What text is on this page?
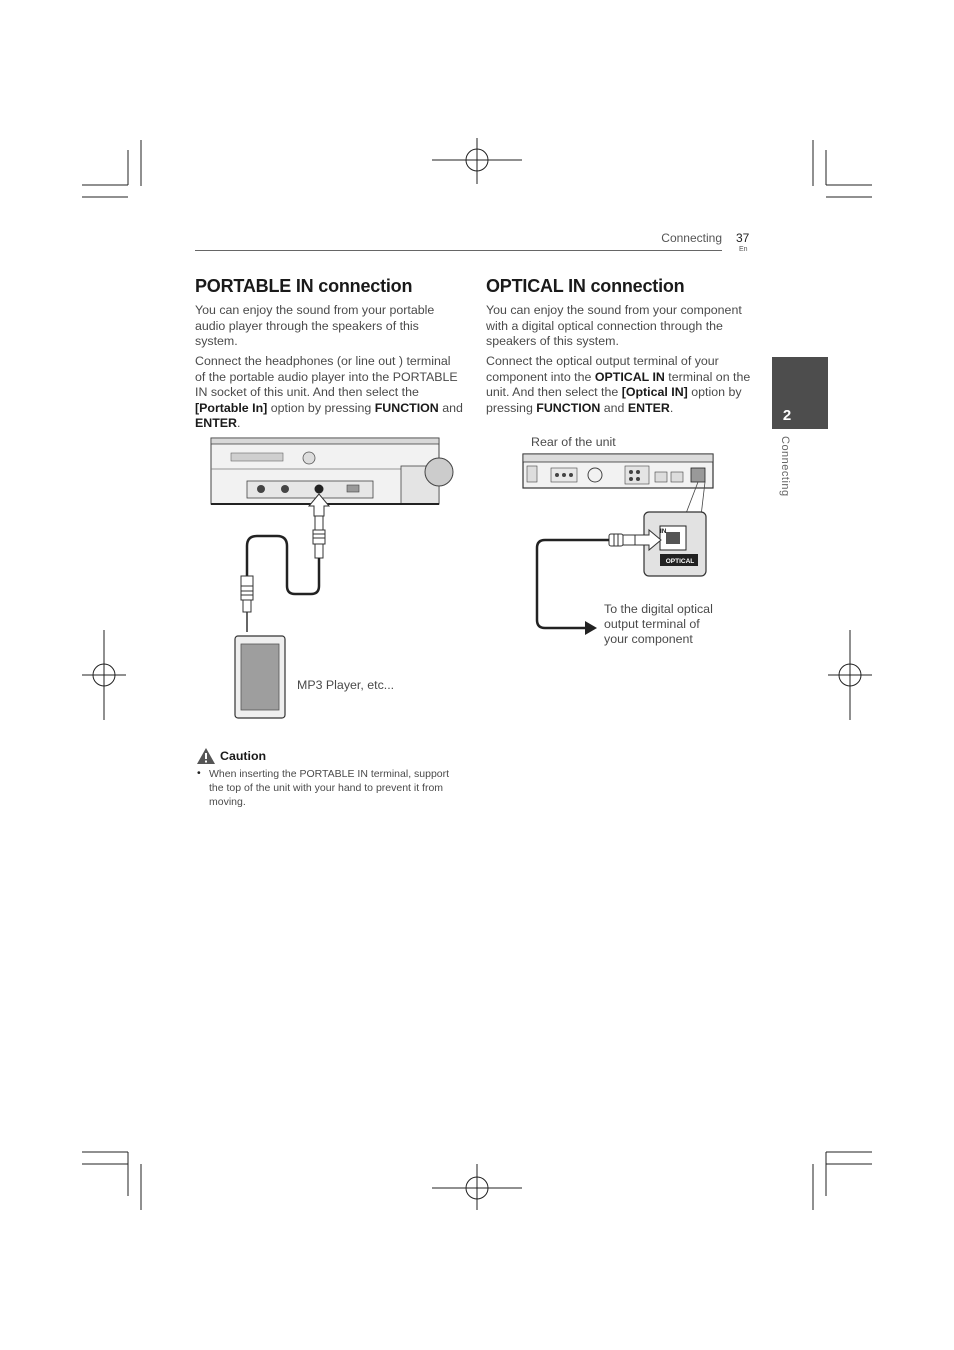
Connecting 37
En
2
Connecting
PORTABLE IN connection

You can enjoy the sound from your portable audio player through the speakers of this system.

Connect the headphones (or line out ) terminal of the portable audio player into the PORTABLE IN socket of this unit. And then select the [Portable In] option by pressing FUNCTION and ENTER.

MP3 Player, etc...
Caution
• When inserting the PORTABLE IN terminal, support the top of the unit with your hand to prevent it from moving.
OPTICAL IN connection

You can enjoy the sound from your component with a digital optical connection through the speakers of this system.

Connect the optical output terminal of your component into the OPTICAL IN terminal on the unit. And then select the [Optical IN] option by pressing FUNCTION and ENTER.

Rear of the unit
IN
OPTICAL
To the digital optical
output terminal of
your component
